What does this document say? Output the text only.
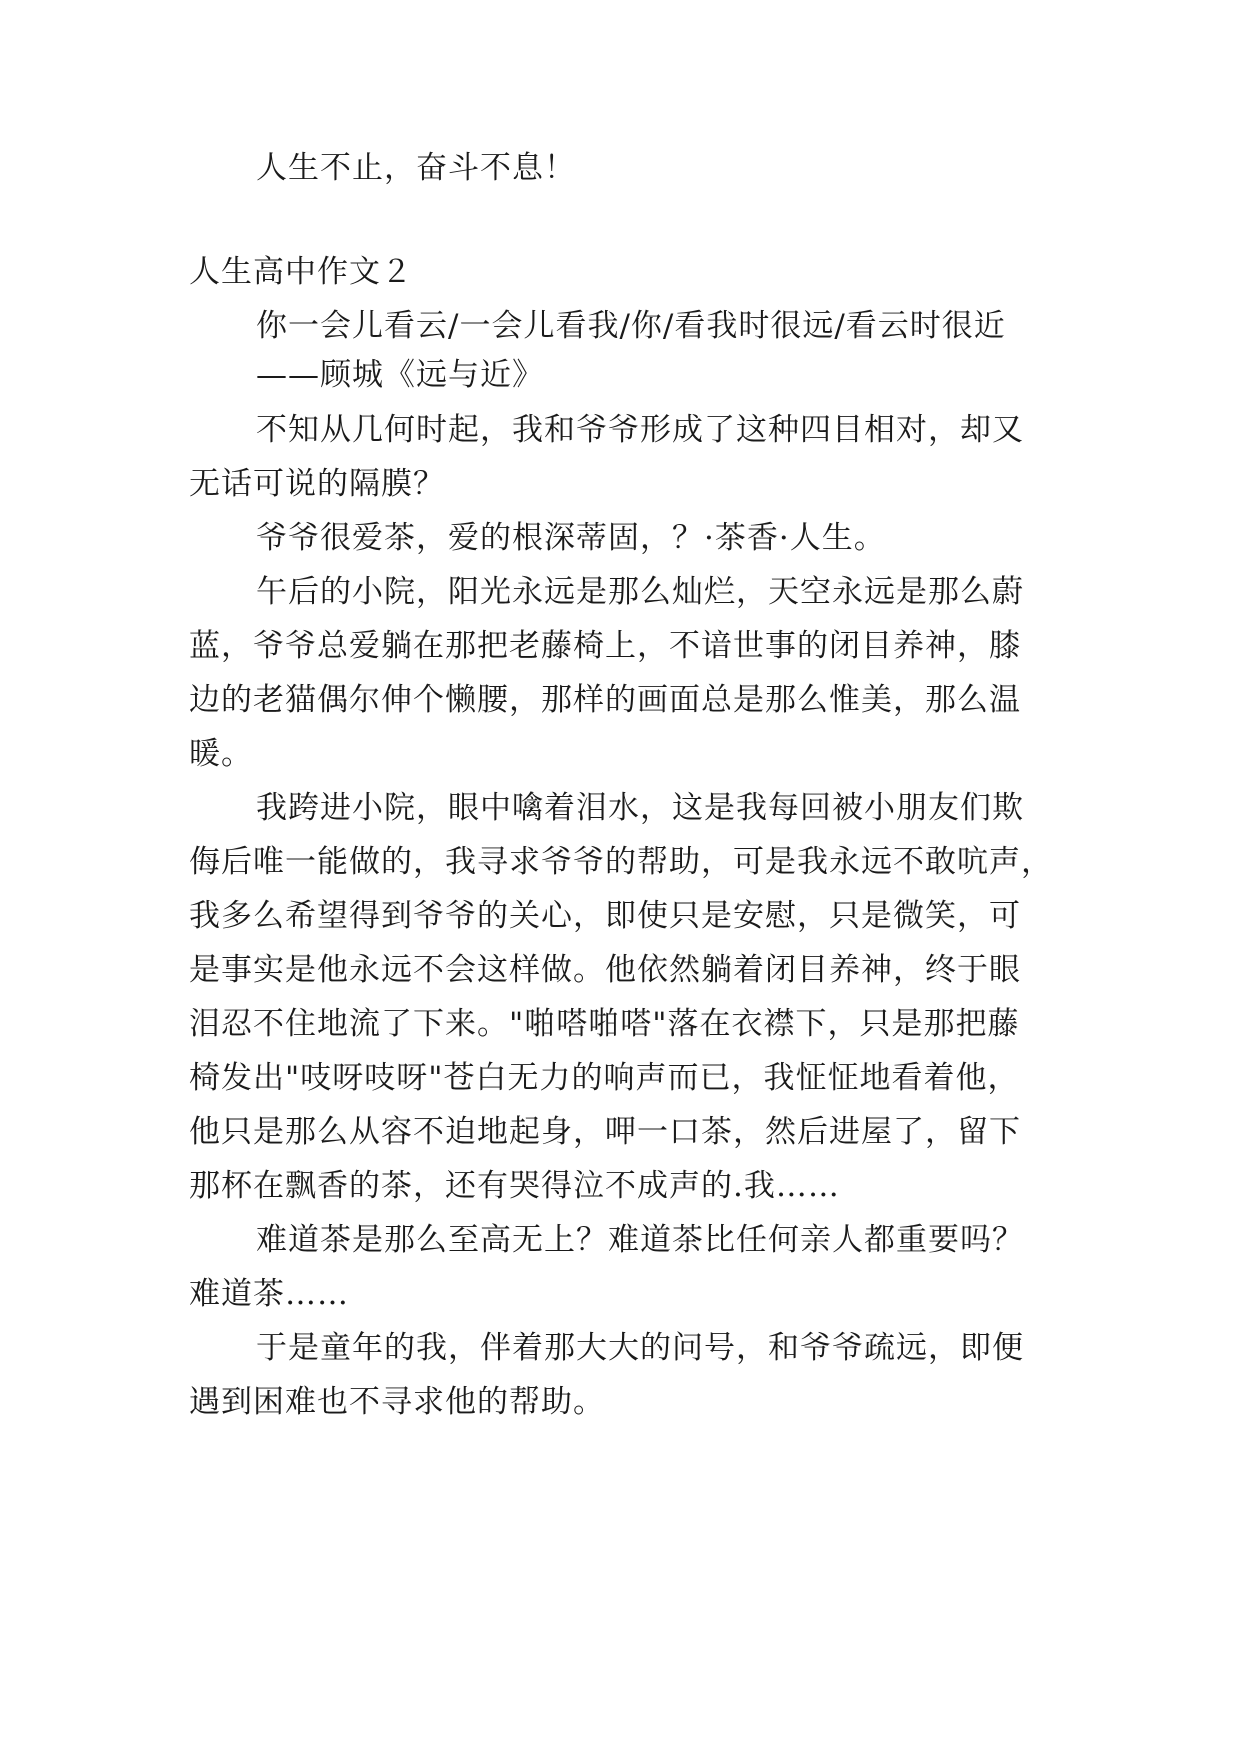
人生不止，奋斗不息！
人生高中作文２
你一会儿看云/一会儿看我/你/看我时很远/看云时很近
——顾城《远与近》
不知从几何时起，我和爷爷形成了这种四目相对，却又
无话可说的隔膜？
爷爷很爱茶，爱的根深蒂固，？·茶香·人生。
午后的小院，阳光永远是那么灿烂，天空永远是那么蔚
蓝，爷爷总爱躺在那把老藤椅上，不谙世事的闭目养神，膝
边的老猫偶尔伸个懒腰，那样的画面总是那么惟美，那么温
暖。
我跨进小院，眼中噙着泪水，这是我每回被小朋友们欺
侮后唯一能做的，我寻求爷爷的帮助，可是我永远不敢吭声，
我多么希望得到爷爷的关心，即使只是安慰，只是微笑，可
是事实是他永远不会这样做。他依然躺着闭目养神，终于眼
泪忍不住地流了下来。"啪嗒啪嗒"落在衣襟下，只是那把藤
椅发出"吱呀吱呀"苍白无力的响声而已，我怔怔地看着他，
他只是那么从容不迫地起身，呷一口茶，然后进屋了，留下
那杯在飘香的茶，还有哭得泣不成声的.我……
难道茶是那么至高无上？难道茶比任何亲人都重要吗？
难道茶……
于是童年的我，伴着那大大的问号，和爷爷疏远，即便
遇到困难也不寻求他的帮助。
